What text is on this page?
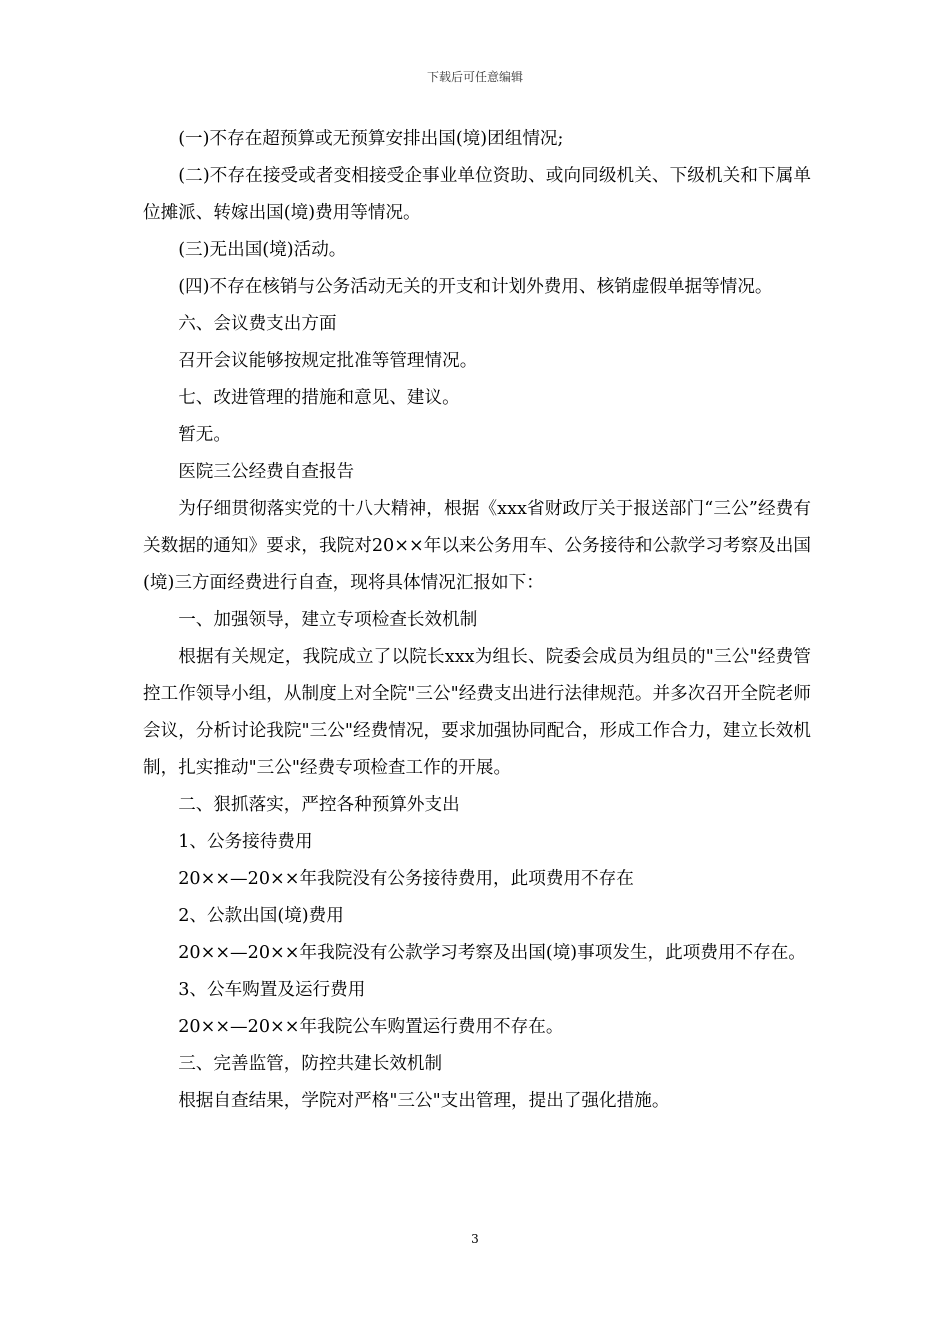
下载后可任意编辑

(一)不存在超预算或无预算安排出国(境)团组情况;

(二)不存在接受或者变相接受企事业单位资助、或向同级机关、下级机关和下属单位摊派、转嫁出国(境)费用等情况。

(三)无出国(境)活动。

(四)不存在核销与公务活动无关的开支和计划外费用、核销虚假单据等情况。

六、会议费支出方面

召开会议能够按规定批准等管理情况。

七、改进管理的措施和意见、建议。

暂无。

医院三公经费自查报告

为仔细贯彻落实党的十八大精神，根据《xxx省财政厅关于报送部门“三公”经费有关数据的通知》要求，我院对20××年以来公务用车、公务接待和公款学习考察及出国(境)三方面经费进行自查，现将具体情况汇报如下：

一、加强领导，建立专项检查长效机制

根据有关规定，我院成立了以院长xxx为组长、院委会成员为组员的"三公"经费管控工作领导小组，从制度上对全院"三公"经费支出进行法律规范。并多次召开全院老师会议，分析讨论我院"三公"经费情况，要求加强协同配合，形成工作合力，建立长效机制，扎实推动"三公"经费专项检查工作的开展。

二、狠抓落实，严控各种预算外支出

1、公务接待费用

20××—20××年我院没有公务接待费用，此项费用不存在

2、公款出国(境)费用

20××—20××年我院没有公款学习考察及出国(境)事项发生，此项费用不存在。

3、公车购置及运行费用

20××—20××年我院公车购置运行费用不存在。

三、完善监管，防控共建长效机制

根据自查结果，学院对严格"三公"支出管理，提出了强化措施。

3
